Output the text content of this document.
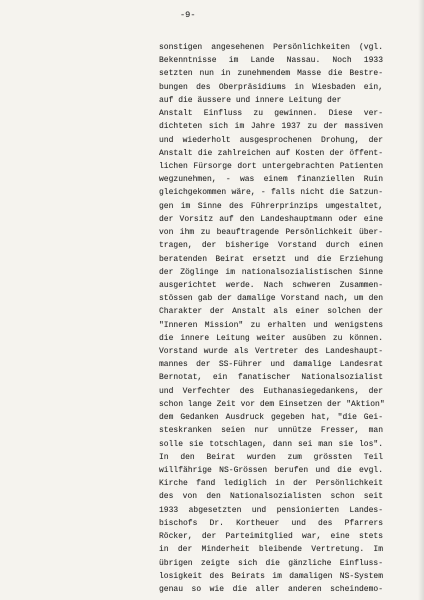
-9-
sonstigen angesehenen Persönlichkeiten (vgl.
Bekenntnisse im Lande Nassau. Noch 1933
setzten nun in zunehmendem Masse die Bestre-
bungen des Oberpräsidiums in Wiesbaden ein,
auf die äussere und innere Leitung der
Anstalt Einfluss zu gewinnen. Diese ver-
dichteten sich im Jahre 1937 zu der massiven
und wiederholt ausgesprochenen Drohung, der
Anstalt die zahlreichen auf Kosten der öffent-
lichen Fürsorge dort untergebrachten Patienten
wegzunehmen, - was einem finanziellen Ruin
gleichgekommen wäre, - falls nicht die Satzun-
gen im Sinne des Führerprinzips umgestaltet,
der Vorsitz auf den Landeshauptmann oder eine
von ihm zu beauftragende Persönlichkeit über-
tragen, der bisherige Vorstand durch einen
beratenden Beirat ersetzt und die Erziehung
der Zöglinge im nationalsozialistischen Sinne
ausgerichtet werde. Nach schweren Zusammen-
stössen gab der damalige Vorstand nach, um den
Charakter der Anstalt als einer solchen der
"Inneren Mission" zu erhalten und wenigstens
die innere Leitung weiter ausüben zu können.
Vorstand wurde als Vertreter des Landeshaupt-
mannes der SS-Führer und damalige Landesrat
Bernotat, ein fanatischer Nationalsozialist
und Verfechter des Euthanasiegedankens, der
schon lange Zeit vor dem Einsetzen der "Aktion"
dem Gedanken Ausdruck gegeben hat, "die Gei-
steskranken seien nur unnütze Fresser, man
solle sie totschlagen, dann sei man sie los".
In den Beirat wurden zum grössten Teil
willfährige NS-Grössen berufen und die evgl.
Kirche fand lediglich in der Persönlichkeit
des von den Nationalsozialisten schon seit
1933 abgesetzten und pensionierten Landes-
bischofs Dr. Kortheuer und des Pfarrers
Röcker, der Parteimitglied war, eine stets
in der Minderheit bleibende Vertretung. Im
übrigen zeigte sich die gänzliche Einfluss-
losigkeit des Beirats im damaligen NS-System
genau so wie die aller anderen scheindemo-
